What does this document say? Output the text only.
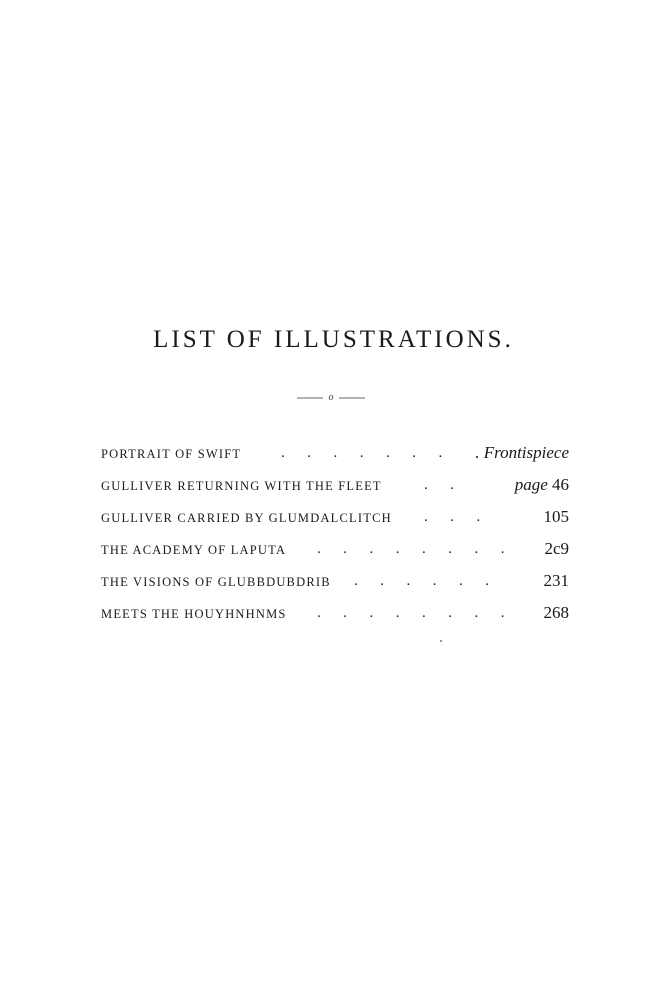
LIST OF ILLUSTRATIONS.
o
PORTRAIT OF SWIFT	.      .      .      .      .      .      . . Frontispiece
GULLIVER RETURNING WITH THE FLEET	.      .	page 46
GULLIVER CARRIED BY GLUMDALCLITCH .      .      .	105
THE ACADEMY OF LAPUTA .      .      .      .      .      .      .      . 2c9
THE VISIONS OF GLUBBDUBDRIB .      .      .      .      .      .	231
MEETS THE HOUYHNHNMS .      .      .      .      .      .      .      . 268
